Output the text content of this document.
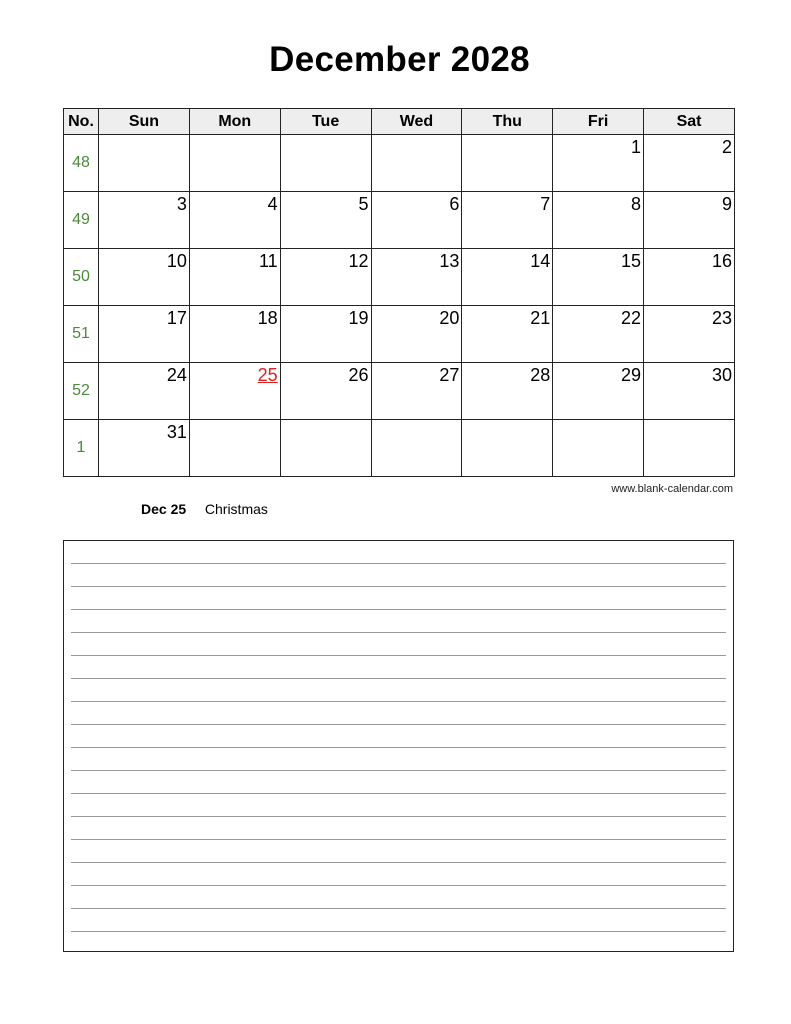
December 2028
No.	Sun	Mon	Tue	Wed	Thu	Fri	Sat
48						1	2
49	3	4	5	6	7	8	9
50	10	11	12	13	14	15	16
51	17	18	19	20	21	22	23
52	24	25	26	27	28	29	30
1	31						
www.blank-calendar.com
Dec 25 Christmas
